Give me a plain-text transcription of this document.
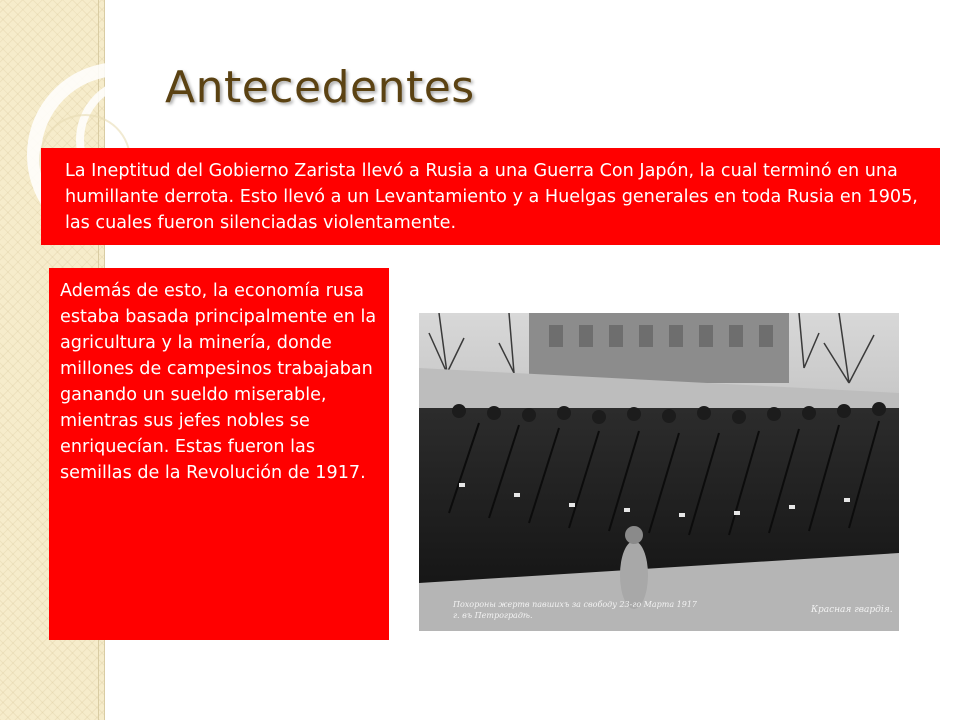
Antecedentes
La Ineptitud del Gobierno Zarista llevó a Rusia a una Guerra Con Japón, la cual terminó en una humillante derrota. Esto llevó a un Levantamiento y a Huelgas generales en toda Rusia en 1905, las cuales fueron silenciadas violentamente.
Además de esto, la economía rusa estaba basada principalmente en la agricultura y la minería, donde millones de campesinos trabajaban ganando un sueldo miserable, mientras sus jefes nobles se enriquecían. Estas fueron las semillas de la Revolución de 1917.
Похороны жертв павшихъ за свободу 23-го Марта 1917 г. въ Петроградѣ.
Красная гвардія.
